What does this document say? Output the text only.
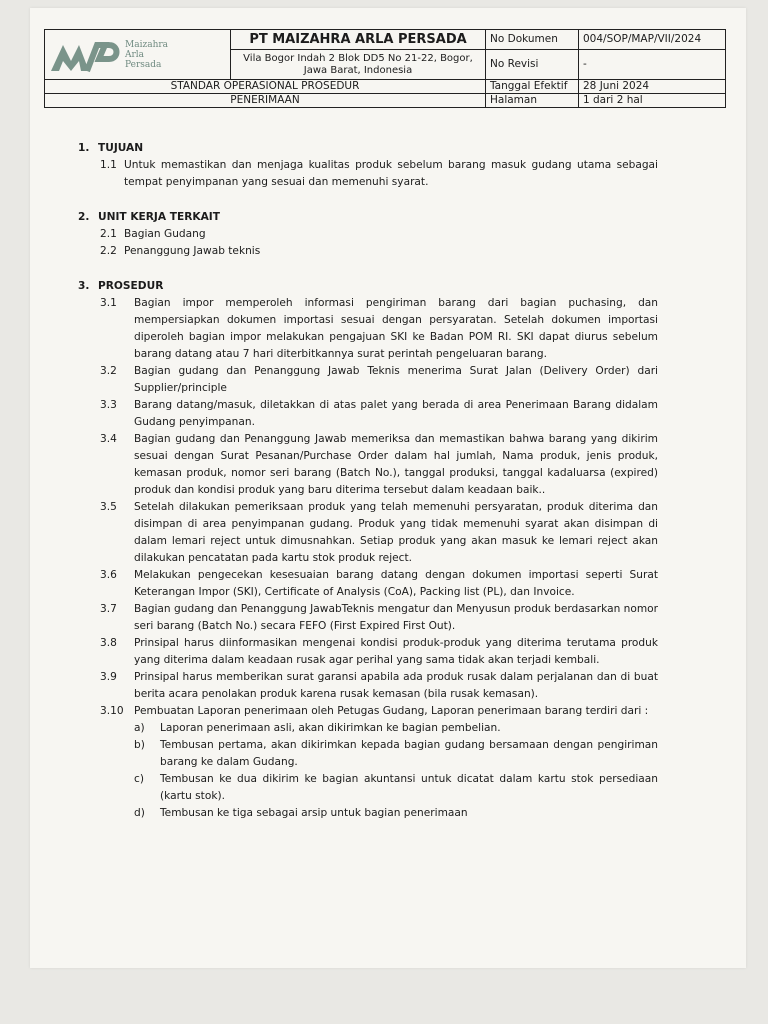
Maizahra
Arla
Persada	PT MAIZAHRA ARLA PERSADA	No Dokumen	004/SOP/MAP/VII/2024
	Vila Bogor Indah 2 Blok DD5 No 21-22, Bogor, Jawa Barat, Indonesia	No Revisi	-
STANDAR OPERASIONAL PROSEDUR		Tanggal Efektif	28 Juni 2024
PENERIMAAN		Halaman	1 dari 2 hal
1. TUJUAN
1.1 Untuk memastikan dan menjaga kualitas produk sebelum barang masuk gudang utama sebagai tempat penyimpanan yang sesuai dan memenuhi syarat.
2. UNIT KERJA TERKAIT
2.1 Bagian Gudang
2.2 Penanggung Jawab teknis
3. PROSEDUR
3.1	Bagian impor memperoleh informasi pengiriman barang dari bagian puchasing, dan mempersiapkan dokumen importasi sesuai dengan persyaratan. Setelah dokumen importasi diperoleh bagian impor melakukan pengajuan SKI ke Badan POM RI. SKI dapat diurus sebelum barang datang atau 7 hari diterbitkannya surat perintah pengeluaran barang.
3.2	Bagian gudang dan Penanggung Jawab Teknis menerima Surat Jalan (Delivery Order) dari Supplier/principle
3.3	Barang datang/masuk, diletakkan di atas palet yang berada di area Penerimaan Barang didalam Gudang penyimpanan.
3.4	Bagian gudang dan Penanggung Jawab memeriksa dan memastikan bahwa barang yang dikirim sesuai dengan Surat Pesanan/Purchase Order dalam hal jumlah, Nama produk, jenis produk, kemasan produk, nomor seri barang (Batch No.), tanggal produksi, tanggal kadaluarsa (expired) produk dan kondisi produk yang baru diterima tersebut dalam keadaan baik..
3.5	Setelah dilakukan pemeriksaan produk yang telah memenuhi persyaratan, produk diterima dan disimpan di area penyimpanan gudang. Produk yang tidak memenuhi syarat akan disimpan di dalam lemari reject untuk dimusnahkan. Setiap produk yang akan masuk ke lemari reject akan dilakukan pencatatan pada kartu stok produk reject.
3.6	Melakukan pengecekan kesesuaian barang datang dengan dokumen importasi seperti Surat Keterangan Impor (SKI), Certificate of Analysis (CoA), Packing list (PL), dan Invoice.
3.7	Bagian gudang dan Penanggung JawabTeknis mengatur dan Menyusun produk berdasarkan nomor seri barang (Batch No.) secara FEFO (First Expired First Out).
3.8	Prinsipal harus diinformasikan mengenai kondisi produk-produk yang diterima terutama produk yang diterima dalam keadaan rusak agar perihal yang sama tidak akan terjadi kembali.
3.9	Prinsipal harus memberikan surat garansi apabila ada produk rusak dalam perjalanan dan di buat berita acara penolakan produk karena rusak kemasan (bila rusak kemasan).
3.10 Pembuatan Laporan penerimaan oleh Petugas Gudang, Laporan penerimaan barang terdiri dari :
a)	Laporan penerimaan asli, akan dikirimkan ke bagian pembelian.
b)	Tembusan pertama, akan dikirimkan kepada bagian gudang bersamaan dengan pengiriman barang ke dalam Gudang.
c)	Tembusan ke dua dikirim ke bagian akuntansi untuk dicatat dalam kartu stok persediaan (kartu stok).
d)	Tembusan ke tiga sebagai arsip untuk bagian penerimaan
